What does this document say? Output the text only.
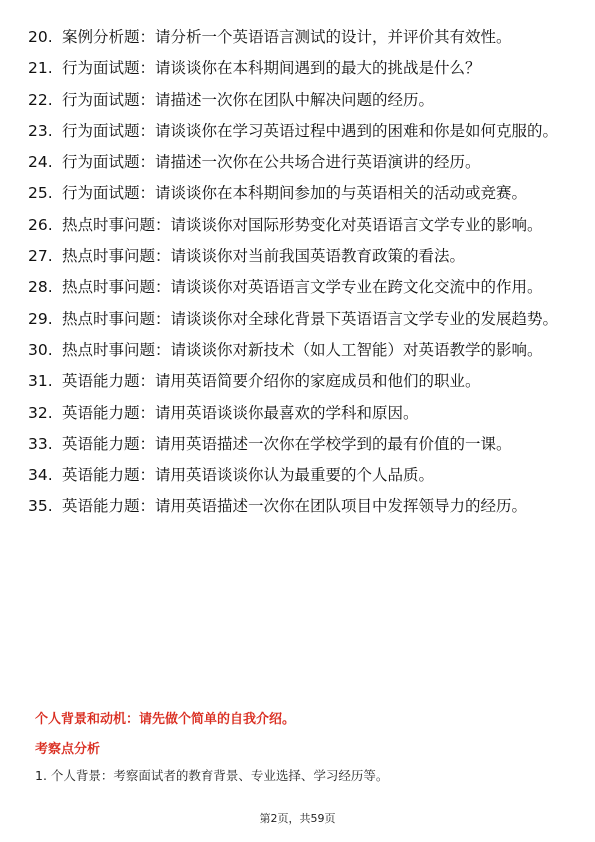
20. 案例分析题：请分析一个英语语言测试的设计，并评价其有效性。
21. 行为面试题：请谈谈你在本科期间遇到的最大的挑战是什么？
22. 行为面试题：请描述一次你在团队中解决问题的经历。
23. 行为面试题：请谈谈你在学习英语过程中遇到的困难和你是如何克服的。
24. 行为面试题：请描述一次你在公共场合进行英语演讲的经历。
25. 行为面试题：请谈谈你在本科期间参加的与英语相关的活动或竞赛。
26. 热点时事问题：请谈谈你对国际形势变化对英语语言文学专业的影响。
27. 热点时事问题：请谈谈你对当前我国英语教育政策的看法。
28. 热点时事问题：请谈谈你对英语语言文学专业在跨文化交流中的作用。
29. 热点时事问题：请谈谈你对全球化背景下英语语言文学专业的发展趋势。
30. 热点时事问题：请谈谈你对新技术（如人工智能）对英语教学的影响。
31. 英语能力题：请用英语简要介绍你的家庭成员和他们的职业。
32. 英语能力题：请用英语谈谈你最喜欢的学科和原因。
33. 英语能力题：请用英语描述一次你在学校学到的最有价值的一课。
34. 英语能力题：请用英语谈谈你认为最重要的个人品质。
35. 英语能力题：请用英语描述一次你在团队项目中发挥领导力的经历。
个人背景和动机：请先做个简单的自我介绍。
考察点分析
1. 个人背景：考察面试者的教育背景、专业选择、学习经历等。
第2页，共59页
